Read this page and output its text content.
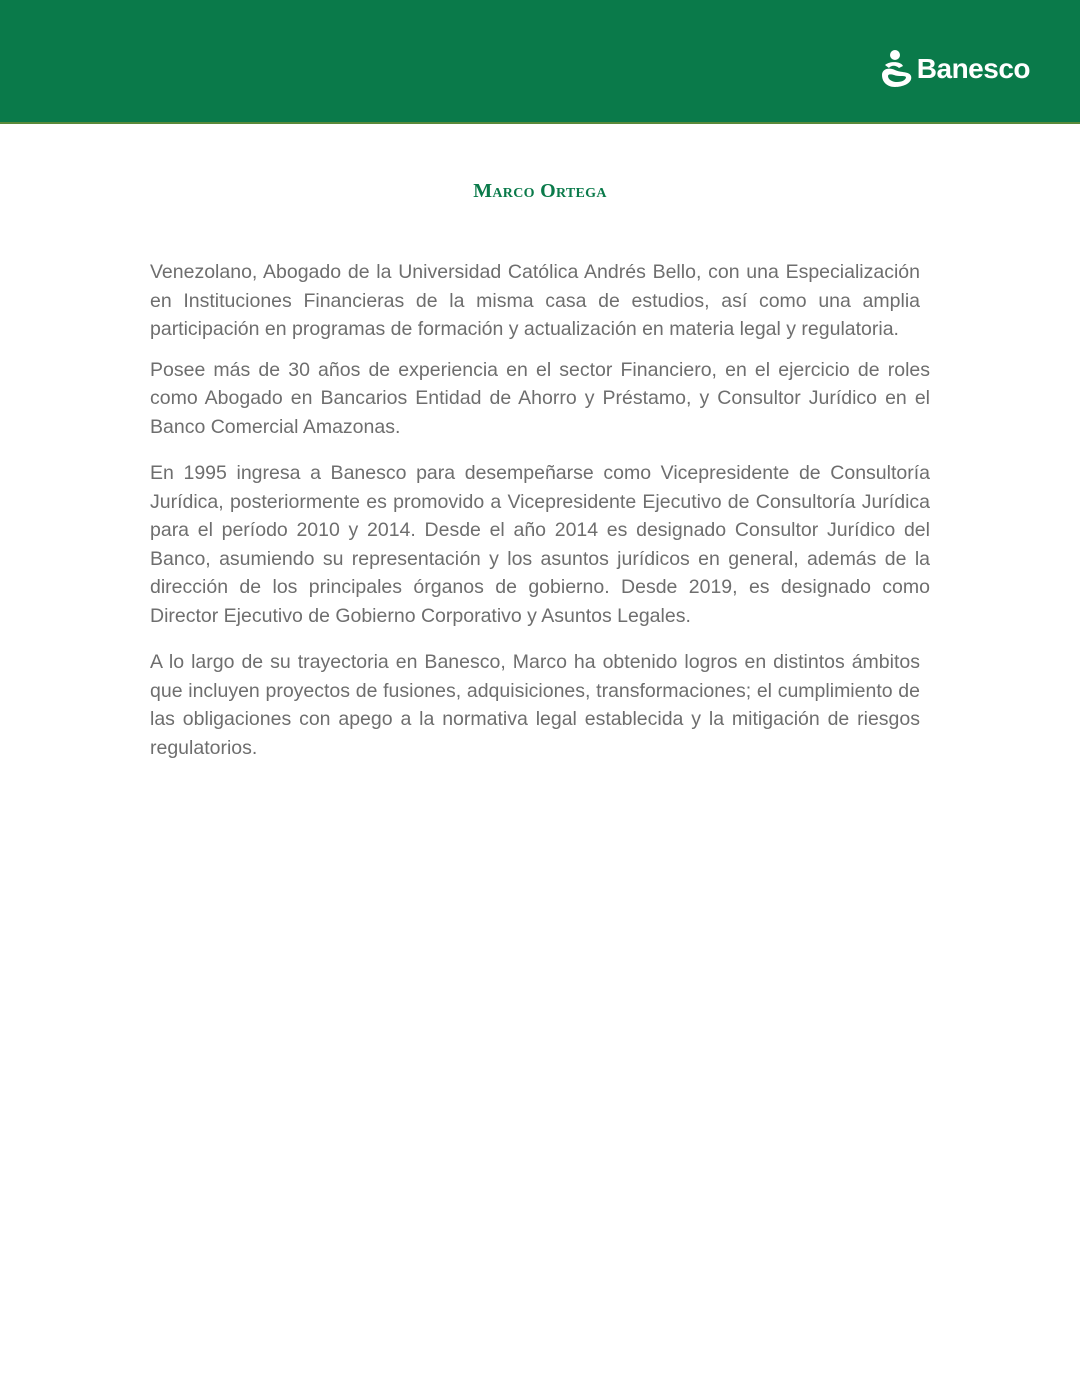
Banesco
Marco Ortega

Venezolano, Abogado de la Universidad Católica Andrés Bello, con una Especialización en Instituciones Financieras de la misma casa de estudios, así como una amplia participación en programas de formación y actualización en materia legal y regulatoria.

Posee más de 30 años de experiencia en el sector Financiero, en el ejercicio de roles como Abogado en Bancarios Entidad de Ahorro y Préstamo, y Consultor Jurídico en el Banco Comercial Amazonas.

En 1995 ingresa a Banesco para desempeñarse como Vicepresidente de Consultoría Jurídica, posteriormente es promovido a Vicepresidente Ejecutivo de Consultoría Jurídica para el período 2010 y 2014. Desde el año 2014 es designado Consultor Jurídico del Banco, asumiendo su representación y los asuntos jurídicos en general, además de la dirección de los principales órganos de gobierno. Desde 2019, es designado como Director Ejecutivo de Gobierno Corporativo y Asuntos Legales.

A lo largo de su trayectoria en Banesco, Marco ha obtenido logros en distintos ámbitos que incluyen proyectos de fusiones, adquisiciones, transformaciones; el cumplimiento de las obligaciones con apego a la normativa legal establecida y la mitigación de riesgos regulatorios.
